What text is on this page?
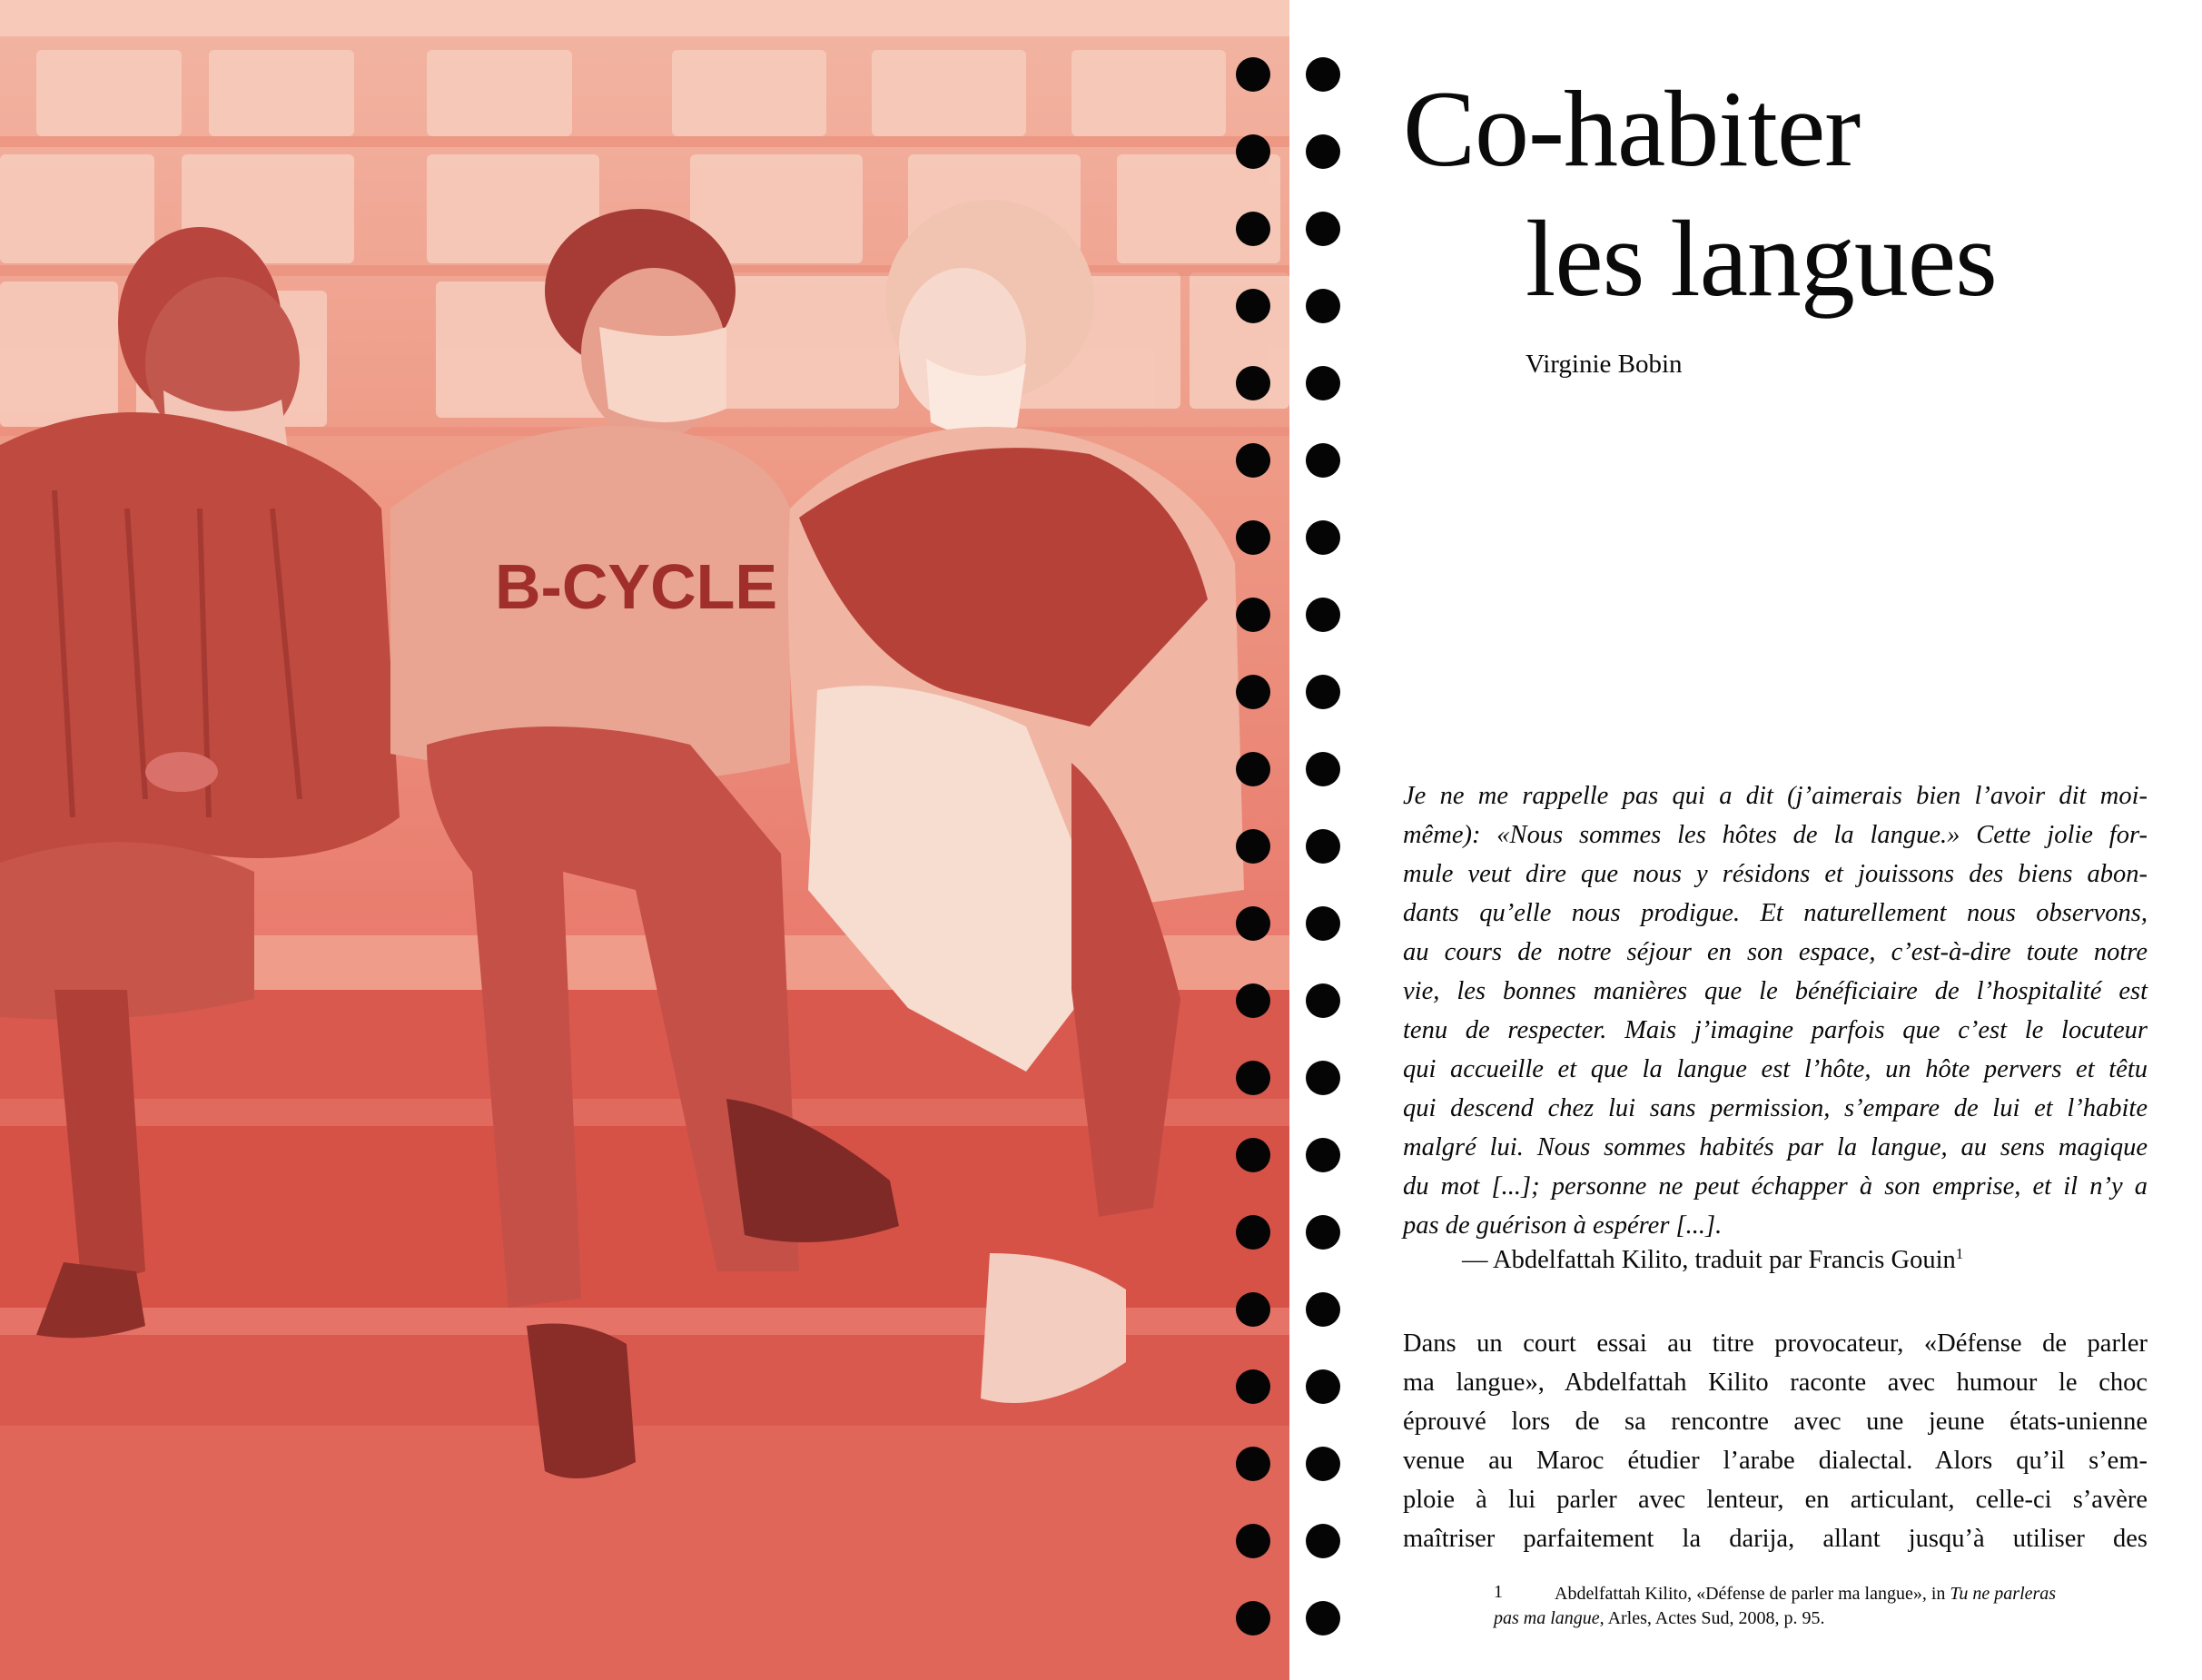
B-CYCLE
Co-habiter
les langues
Virginie Bobin
Je ne me rappelle pas qui a dit (j’aimerais bien l’avoir dit moi-
même): «Nous sommes les hôtes de la langue.» Cette jolie for-
mule veut dire que nous y résidons et jouissons des biens abon-
dants qu’elle nous prodigue. Et naturellement nous observons,
au cours de notre séjour en son espace, c’est-à-dire toute notre
vie, les bonnes manières que le bénéficiaire de l’hospitalité est
tenu de respecter. Mais j’imagine parfois que c’est le locuteur
qui accueille et que la langue est l’hôte, un hôte pervers et têtu
qui descend chez lui sans permission, s’empare de lui et l’habite
malgré lui. Nous sommes habités par la langue, au sens magique
du mot [...]; personne ne peut échapper à son emprise, et il n’y a
pas de guérison à espérer [...].
— Abdelfattah Kilito, traduit par Francis Gouin$^1$
Dans un court essai au titre provocateur, «Défense de parler
ma langue», Abdelfattah Kilito raconte avec humour le choc
éprouvé lors de sa rencontre avec une jeune états-unienne
venue au Maroc étudier l’arabe dialectal. Alors qu’il s’em-
ploie à lui parler avec lenteur, en articulant, celle-ci s’avère
maîtriser parfaitement la darija, allant jusqu’à utiliser des
1	Abdelfattah Kilito, «Défense de parler ma langue», in Tu ne parleras
pas ma langue, Arles, Actes Sud, 2008, p. 95.
